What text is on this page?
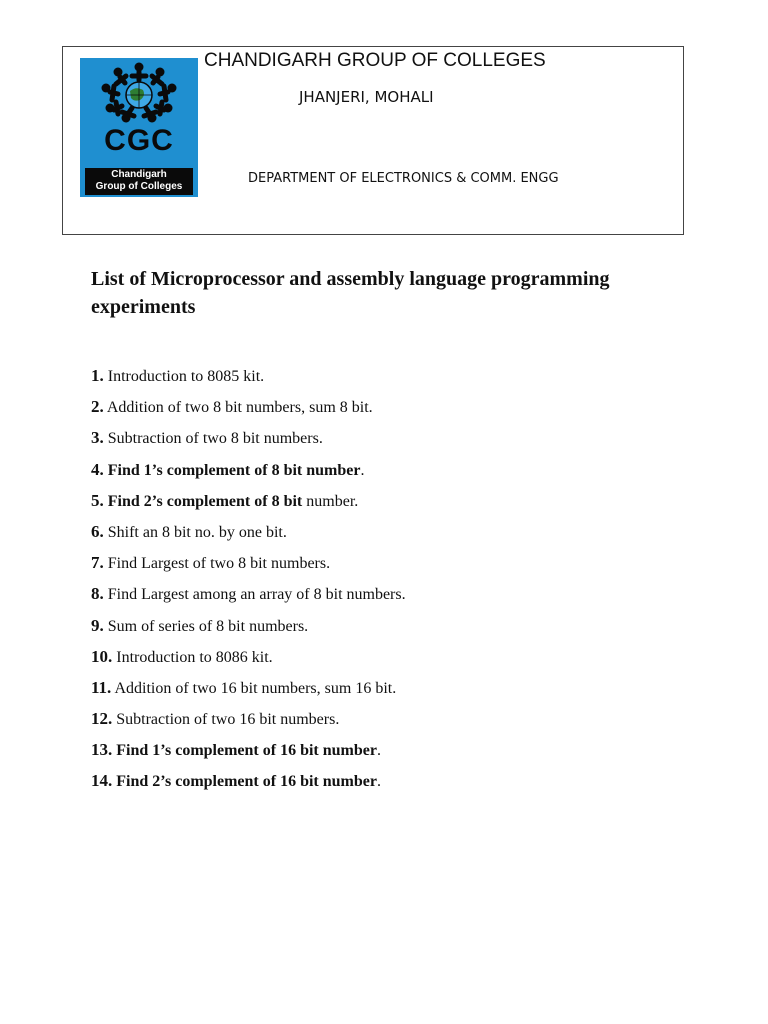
CGC
Chandigarh
Group of Colleges
CHANDIGARH GROUP OF COLLEGES
JHANJERI, MOHALI
DEPARTMENT OF ELECTRONICS & COMM. ENGG
List of Microprocessor and assembly language programming experiments
1. Introduction to 8085 kit.
2. Addition of two 8 bit numbers, sum 8 bit.
3. Subtraction of two 8 bit numbers.
4. Find 1’s complement of 8 bit number.
5. Find 2’s complement of 8 bit number.
6. Shift an 8 bit no. by one bit.
7. Find Largest of two 8 bit numbers.
8. Find Largest among an array of 8 bit numbers.
9. Sum of series of 8 bit numbers.
10. Introduction to 8086 kit.
11. Addition of two 16 bit numbers, sum 16 bit.
12. Subtraction of two 16 bit numbers.
13. Find 1’s complement of 16 bit number.
14. Find 2’s complement of 16 bit number.
